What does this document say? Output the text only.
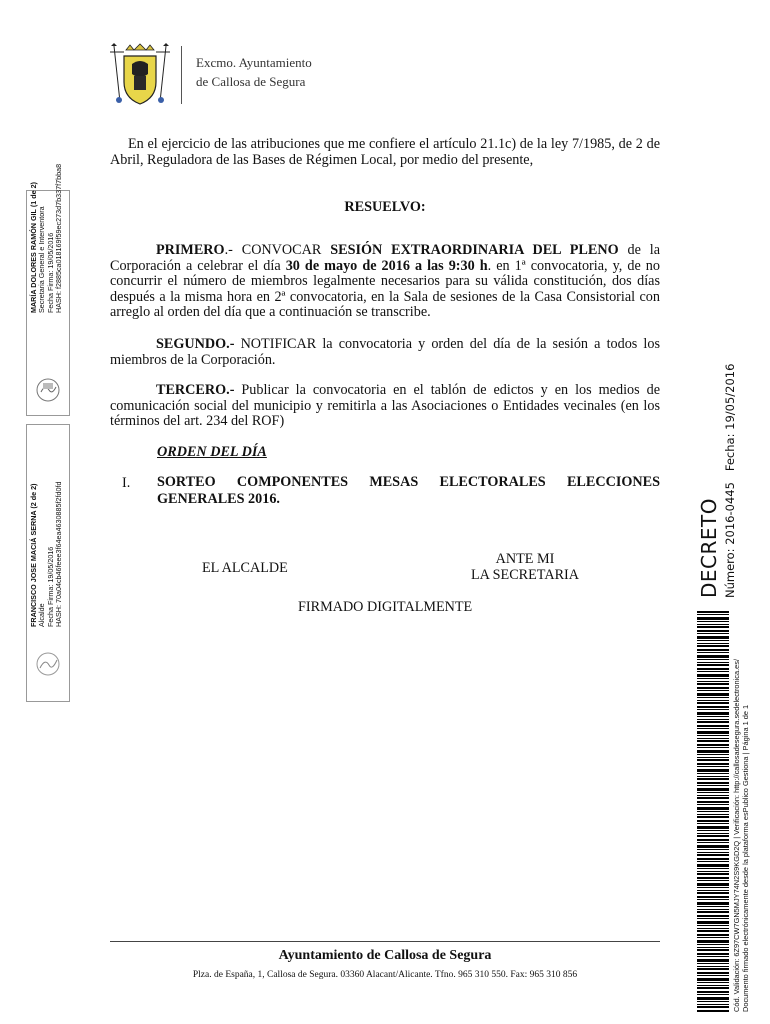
Excmo. Ayuntamiento
de Callosa de Segura
En el ejercicio de las atribuciones que me confiere el artículo 21.1c) de la ley 7/1985, de 2 de Abril, Reguladora de las Bases de Régimen Local, por medio del presente,
RESUELVO:
PRIMERO.- CONVOCAR SESIÓN EXTRAORDINARIA DEL PLENO de la Corporación a celebrar el día 30 de mayo de 2016 a las 9:30 h. en 1ª convocatoria, y, de no concurrir el número de miembros legalmente necesarios para su válida constitución, dos días después a la misma hora en 2ª convocatoria, en la Sala de sesiones de la Casa Consistorial con arreglo al orden del día que a continuación se transcribe.
SEGUNDO.- NOTIFICAR la convocatoria y orden del día de la sesión a todos los miembros de la Corporación.
TERCERO.- Publicar la convocatoria en el tablón de edictos y en los medios de comunicación social del municipio y remitirla a las Asociaciones o Entidades vecinales (en los términos del art. 234 del ROF)
ORDEN DEL DÍA
I. SORTEO COMPONENTES MESAS ELECTORALES ELECCIONES
GENERALES 2016.
EL ALCALDE
ANTE MI
LA SECRETARIA
FIRMADO DIGITALMENTE
Ayuntamiento de Callosa de Segura
Plza. de España, 1, Callosa de Segura. 03360 Alacant/Alicante. Tfno. 965 310 550. Fax: 965 310 856
MARÍA DOLORES RAMÓN GIL (1 de 2)
Secretaria General e Interventora
Fecha Firma: 19/05/2016
HASH: f2885ca018169f59ec273d7b337f7bba8
FRANCISCO JOSE MACIÁ SERNA (2 de 2)
Alcalde
Fecha Firma: 19/05/2016
HASH: 70a04cb46feee3f64ea4630885f2fd0fd	DECRETO Número: 2016-0445   Fecha: 19/05/2016
Cód. Validación: 6Z97CW7GN5MJY74N2S9KGD2Q | Verificación: http://callosadesegura.sedelectronica.es/
Documento firmado electrónicamente desde la plataforma esPublico Gestiona | Página 1 de 1
